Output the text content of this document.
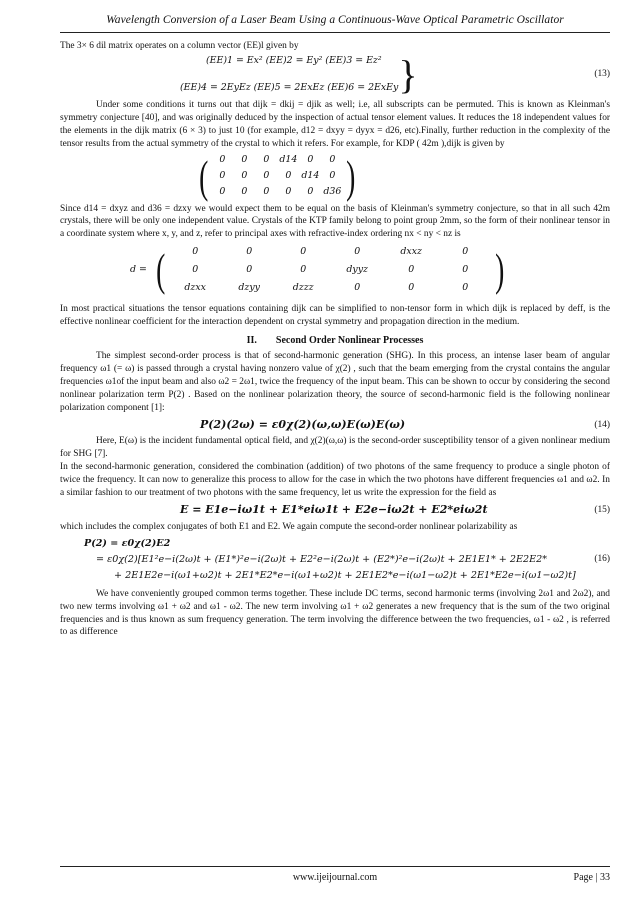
Wavelength Conversion of a Laser Beam Using a Continuous-Wave Optical Parametric Oscillator

The 3× 6 dil matrix operates on a column vector (EE)l given by

(EE)1 = Ex² (EE)2 = Ey² (EE)3 = Ez²
(EE)4 = 2EyEz (EE)5 = 2ExEz (EE)6 = 2ExEy }	(13)

Under some conditions it turns out that dijk = dkij = djik as well; i.e, all subscripts can be permuted. This is known as Kleinman's symmetry conjecture [40], and was originally deduced by the inspection of actual tensor element values. It reduces the 18 independent values for the elements in the dijk matrix (6 × 3) to just 10 (for example, d12 = dxyy = dyyx = d26, etc).Finally, further reduction in the complexity of the tensor results from the actual symmetry of the crystal to which it refers. For example, for KDP ( 42m ),dijk is given by

( 0 0 0 d14 0 0
0 0 0 0 d14 0
0 0 0 0 0 d36 )

Since d14 = dxyz and d36 = dzxy we would expect them to be equal on the basis of Kleinman's symmetry conjecture, so that in all such 42m crystals, there will be only one independent value. Crystals of the KTP family belong to point group 2mm, so the form of their nonlinear tensor in a coordinate system where x, y, and z, refer to principal axes with refractive-index ordering nx < ny < nz is

d = (	0	0	0	0	dxxz	0
0	0	0	dyyz	0	0
dzxx	dzyy	dzzz	0	0	0 )

In most practical situations the tensor equations containing dijk can be simplified to non-tensor form in which dijk is replaced by deff, is the effective nonlinear coefficient for the interaction dependent on crystal symmetry and propagation direction in the medium.

II. Second Order Nonlinear Processes

The simplest second-order process is that of second-harmonic generation (SHG). In this process, an intense laser beam of angular frequency ω1 (= ω) is passed through a crystal having nonzero value of χ(2) , such that the beam emerging from the crystal contains the angular frequencies ω1of the input beam and also ω2 = 2ω1, twice the frequency of the input beam. This can be shown to occur by considering the second nonlinear polarization term P(2) . Based on the nonlinear polarization theory, the source of second-harmonic field is the following nonlinear polarization component [1]:

P(2)(2ω) = ε0χ(2)(ω,ω)E(ω)E(ω)	(14)

Here, E(ω) is the incident fundamental optical field, and χ(2)(ω,ω) is the second-order susceptibility tensor of a given nonlinear medium for SHG [7].

In the second-harmonic generation, considered the combination (addition) of two photons of the same frequency to produce a single photon of twice the frequency. It can now to generalize this process to allow for the case in which the two photons have different frequencies ω1 and ω2. In a similar fashion to our treatment of two photons with the same frequency, let us write the expression for the field as

E = E1e−iω1t + E1*eiω1t + E2e−iω2t + E2*eiω2t	(15)

which includes the complex conjugates of both E1 and E2. We again compute the second-order nonlinear polarizability as

P(2) = ε0χ(2)E2
= ε0χ(2)[E1²e−i(2ω)t + (E1*)²e−i(2ω)t + E2²e−i(2ω)t + (E2*)²e−i(2ω)t + 2E1E1* + 2E2E2*
+ 2E1E2e−i(ω1+ω2)t + 2E1*E2*e−i(ω1+ω2)t + 2E1E2*e−i(ω1−ω2)t + 2E1*E2e−i(ω1−ω2)t]
(16)

We have conveniently grouped common terms together. These include DC terms, second harmonic terms (involving 2ω1 and 2ω2), and two new terms involving ω1 + ω2 and ω1 - ω2. The new term involving ω1 + ω2 generates a new frequency that is the sum of the two original frequencies and is thus known as sum frequency generation. The term involving the difference between the two frequencies, ω1 - ω2 , is referred to as difference

www.ijeijournal.com	Page | 33
